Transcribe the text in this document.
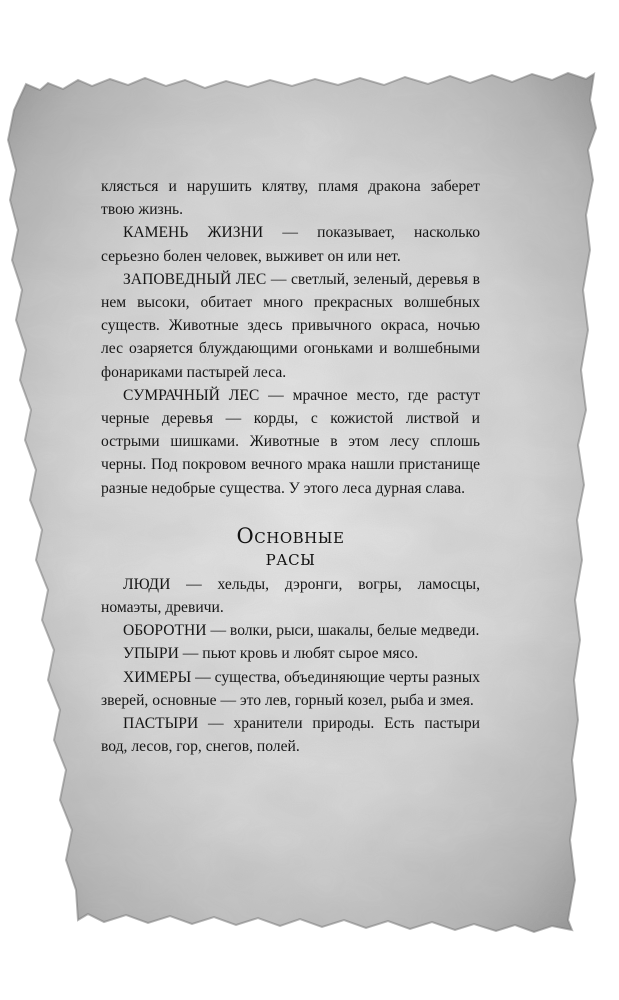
клясться и нарушить клятву, пламя дракона заберет твою жизнь.

КАМЕНЬ ЖИЗНИ — показывает, насколько серьезно болен человек, выживет он или нет.

ЗАПОВЕДНЫЙ ЛЕС — светлый, зеленый, деревья в нем высоки, обитает много прекрасных волшебных существ. Животные здесь привычного окраса, ночью лес озаряется блуждающими огоньками и волшебными фонариками пастырей леса.

СУМРАЧНЫЙ ЛЕС — мрачное место, где растут черные деревья — корды, с кожистой листвой и острыми шишками. Животные в этом лесу сплошь черны. Под покровом вечного мрака нашли пристанище разные недобрые существа. У этого леса дурная слава.

Основные
расы

ЛЮДИ — хельды, дэронги, вогры, ламосцы, номаэты, древичи.

ОБОРОТНИ — волки, рыси, шакалы, белые медведи.

УПЫРИ — пьют кровь и любят сырое мясо.

ХИМЕРЫ — существа, объединяющие черты разных зверей, основные — это лев, горный козел, рыба и змея.

ПАСТЫРИ — хранители природы. Есть пастыри вод, лесов, гор, снегов, полей.
